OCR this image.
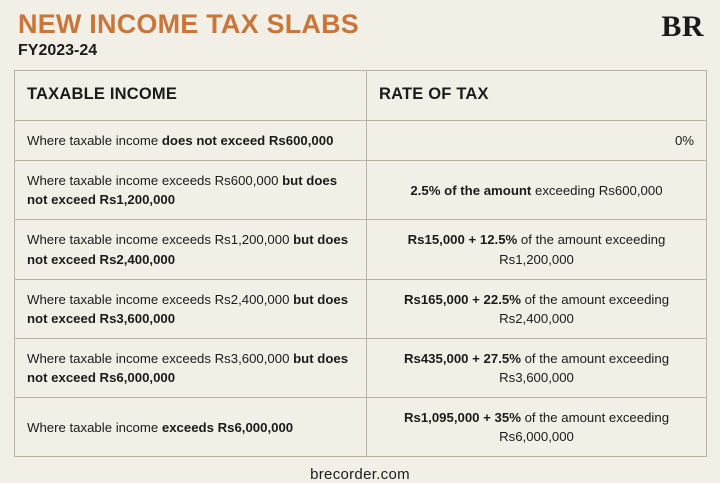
NEW INCOME TAX SLABS
FY2023-24
BR
TAXABLE INCOME	RATE OF TAX
Where taxable income does not exceed Rs600,000	0%
Where taxable income exceeds Rs600,000 but does not exceed Rs1,200,000	2.5% of the amount exceeding Rs600,000
Where taxable income exceeds Rs1,200,000 but does not exceed Rs2,400,000	Rs15,000 + 12.5% of the amount exceeding
Rs1,200,000
Where taxable income exceeds Rs2,400,000 but does not exceed Rs3,600,000	Rs165,000 + 22.5% of the amount exceeding
Rs2,400,000
Where taxable income exceeds Rs3,600,000 but does not exceed Rs6,000,000	Rs435,000 + 27.5% of the amount exceeding
Rs3,600,000
Where taxable income exceeds Rs6,000,000	Rs1,095,000 + 35% of the amount exceeding
Rs6,000,000
brecorder.com
